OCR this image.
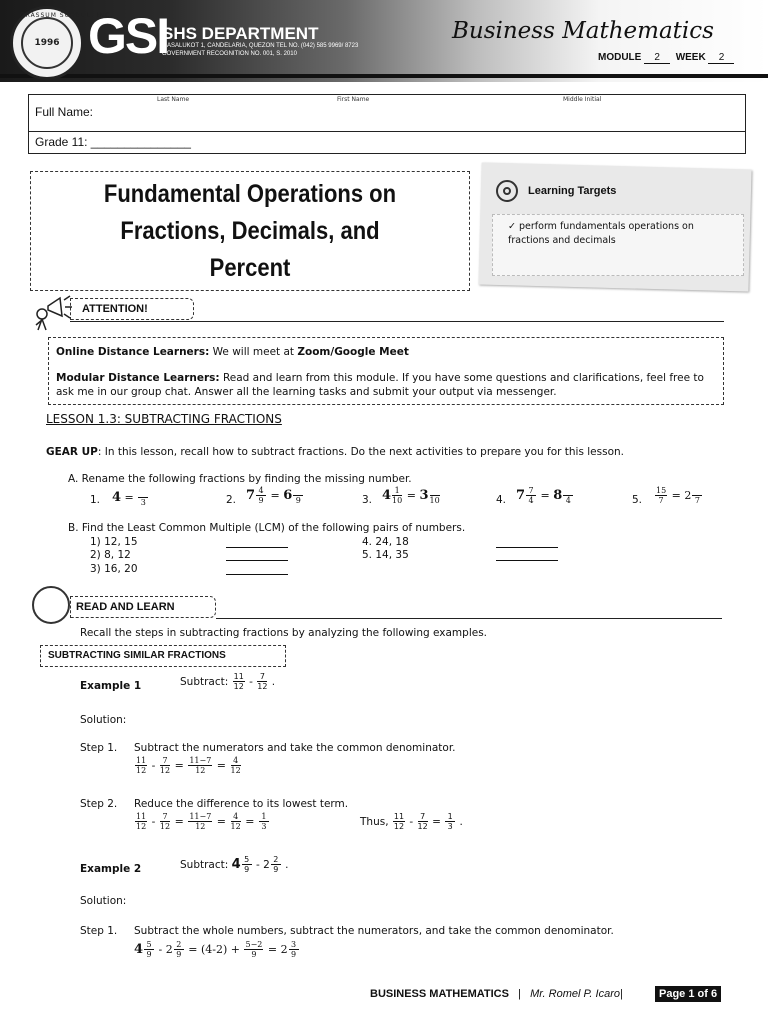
1996
GRASSUM SCHOOL, INC.
GSI
SHS DEPARTMENT
MASALUKOT 1, CANDELARIA, QUEZON TEL NO. (042) 585 9969/ 8723
GOVERNMENT RECOGNITION NO. 001, S. 2010
Business Mathematics
MODULE 2 WEEK 2
Last Name	First Name	Middle Initial
Full Name:
Grade 11: _______________
Fundamental Operations on
Fractions, Decimals, and
Percent
Learning Targets
✓ perform fundamentals operations on fractions and decimals
ATTENTION!
Online Distance Learners: We will meet at Zoom/Google Meet
Modular Distance Learners: Read and learn from this module. If you have some questions and clarifications, feel free to ask me in our group chat. Answer all the learning tasks and submit your output via messenger.
LESSON 1.3: SUBTRACTING FRACTIONS
GEAR UP: In this lesson, recall how to subtract fractions. Do the next activities to prepare you for this lesson.
A. Rename the following fractions by finding the missing number.
1. 4 =
3	2. $7 \frac{4}{9} = 6$
9	3. $4 \frac{1}{10} = 3$
10	4. $7 \frac{7}{4} = 8$
4	5. $\frac{15}{7} = 2$
7
B. Find the Least Common Multiple (LCM) of the following pairs of numbers.
1) 12, 15
2) 8, 12
3) 16, 20
4. 24, 18
5. 14, 35
READ AND LEARN
Recall the steps in subtracting fractions by analyzing the following examples.
SUBTRACTING SIMILAR FRACTIONS
Example 1	Subtract:
$\frac{11}{12} - \frac{7}{12}$ .
Solution:
Step 1. Subtract the numerators and take the common denominator.
$\frac{11}{12} - \frac{7}{12} = \frac{11-7}{12} = \frac{4}{12}$
Step 2. Reduce the difference to its lowest term.
$\frac{11}{12} - \frac{7}{12} = \frac{11-7}{12} = \frac{4}{12} = \frac{1}{3}$	Thus,
$\frac{11}{12} - \frac{7}{12} = \frac{1}{3}$ .
Example 2	Subtract:
$4 \frac{5}{9} - 2 \frac{2}{9}$ .
Solution:
Step 1. Subtract the whole numbers, subtract the numerators, and take the common denominator.
$4 \frac{5}{9} - 2 \frac{2}{9} = (4-2) + \frac{5-2}{9} = 2 \frac{3}{9}$
BUSINESS MATHEMATICS | Mr. Romel P. Icaro|	Page 1 of 6
